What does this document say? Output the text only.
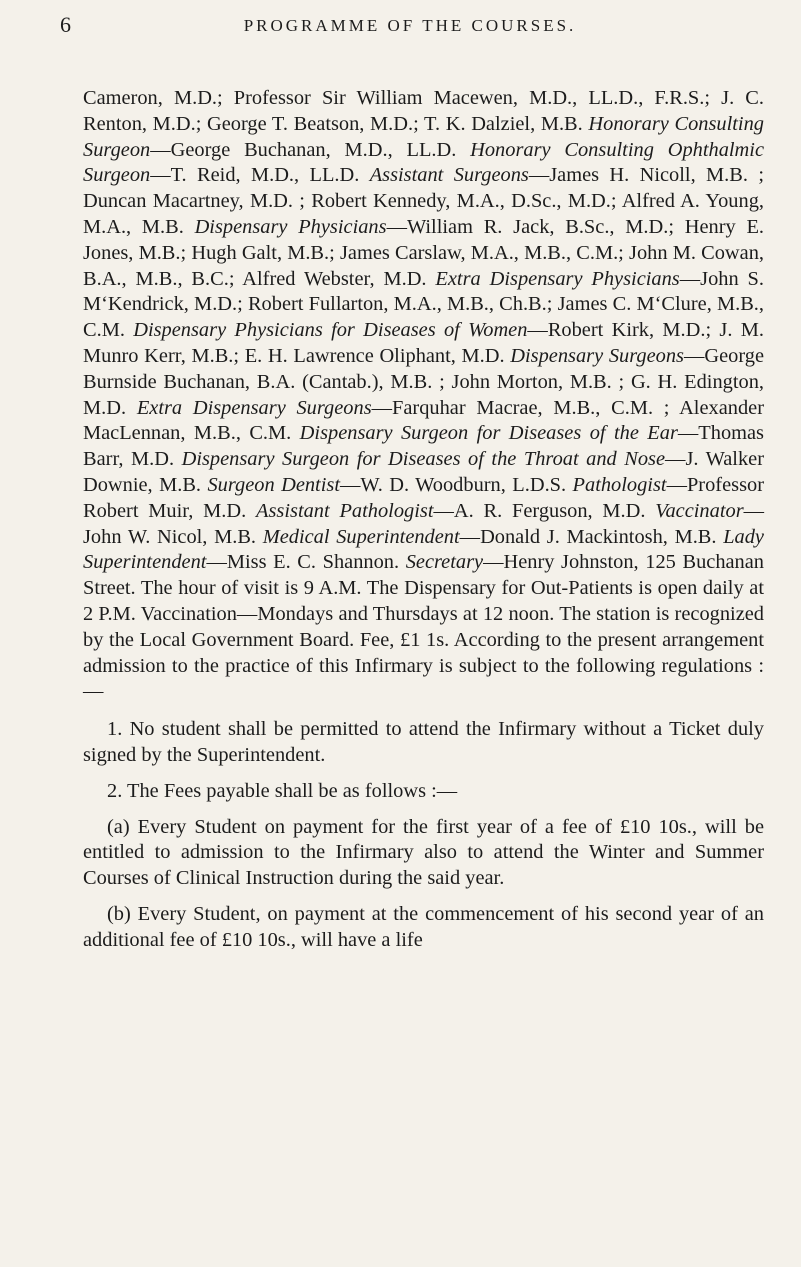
6	PROGRAMME OF THE COURSES.

Cameron, M.D.; Professor Sir William Macewen, M.D., LL.D., F.R.S.; J. C. Renton, M.D.; George T. Beatson, M.D.; T. K. Dalziel, M.B. Honorary Consulting Surgeon—George Buchanan, M.D., LL.D. Honorary Consulting Ophthalmic Surgeon—T. Reid, M.D., LL.D. Assistant Surgeons—James H. Nicoll, M.B. ; Duncan Macartney, M.D. ; Robert Kennedy, M.A., D.Sc., M.D.; Alfred A. Young, M.A., M.B. Dispensary Physicians—William R. Jack, B.Sc., M.D.; Henry E. Jones, M.B.; Hugh Galt, M.B.; James Carslaw, M.A., M.B., C.M.; John M. Cowan, B.A., M.B., B.C.; Alfred Webster, M.D. Extra Dispensary Physicians—John S. M‘Kendrick, M.D.; Robert Fullarton, M.A., M.B., Ch.B.; James C. M‘Clure, M.B., C.M. Dispensary Physicians for Diseases of Women—Robert Kirk, M.D.; J. M. Munro Kerr, M.B.; E. H. Lawrence Oliphant, M.D. Dispensary Surgeons—George Burnside Buchanan, B.A. (Cantab.), M.B. ; John Morton, M.B. ; G. H. Edington, M.D. Extra Dispensary Surgeons—Farquhar Macrae, M.B., C.M. ; Alexander MacLennan, M.B., C.M. Dispensary Surgeon for Diseases of the Ear—Thomas Barr, M.D. Dispensary Surgeon for Diseases of the Throat and Nose—J. Walker Downie, M.B. Surgeon Dentist—W. D. Woodburn, L.D.S. Pathologist—Professor Robert Muir, M.D. Assistant Pathologist—A. R. Ferguson, M.D. Vaccinator—John W. Nicol, M.B. Medical Superintendent—Donald J. Mackintosh, M.B. Lady Superintendent—Miss E. C. Shannon. Secretary—Henry Johnston, 125 Buchanan Street. The hour of visit is 9 A.M. The Dispensary for Out-Patients is open daily at 2 P.M. Vaccination—Mondays and Thursdays at 12 noon. The station is recognized by the Local Government Board. Fee, £1 1s. According to the present arrangement admission to the practice of this Infirmary is subject to the following regulations :—

1. No student shall be permitted to attend the Infirmary without a Ticket duly signed by the Superintendent.

2. The Fees payable shall be as follows :—

(a) Every Student on payment for the first year of a fee of £10 10s., will be entitled to admission to the Infirmary also to attend the Winter and Summer Courses of Clinical Instruction during the said year.

(b) Every Student, on payment at the commencement of his second year of an additional fee of £10 10s., will have a life
